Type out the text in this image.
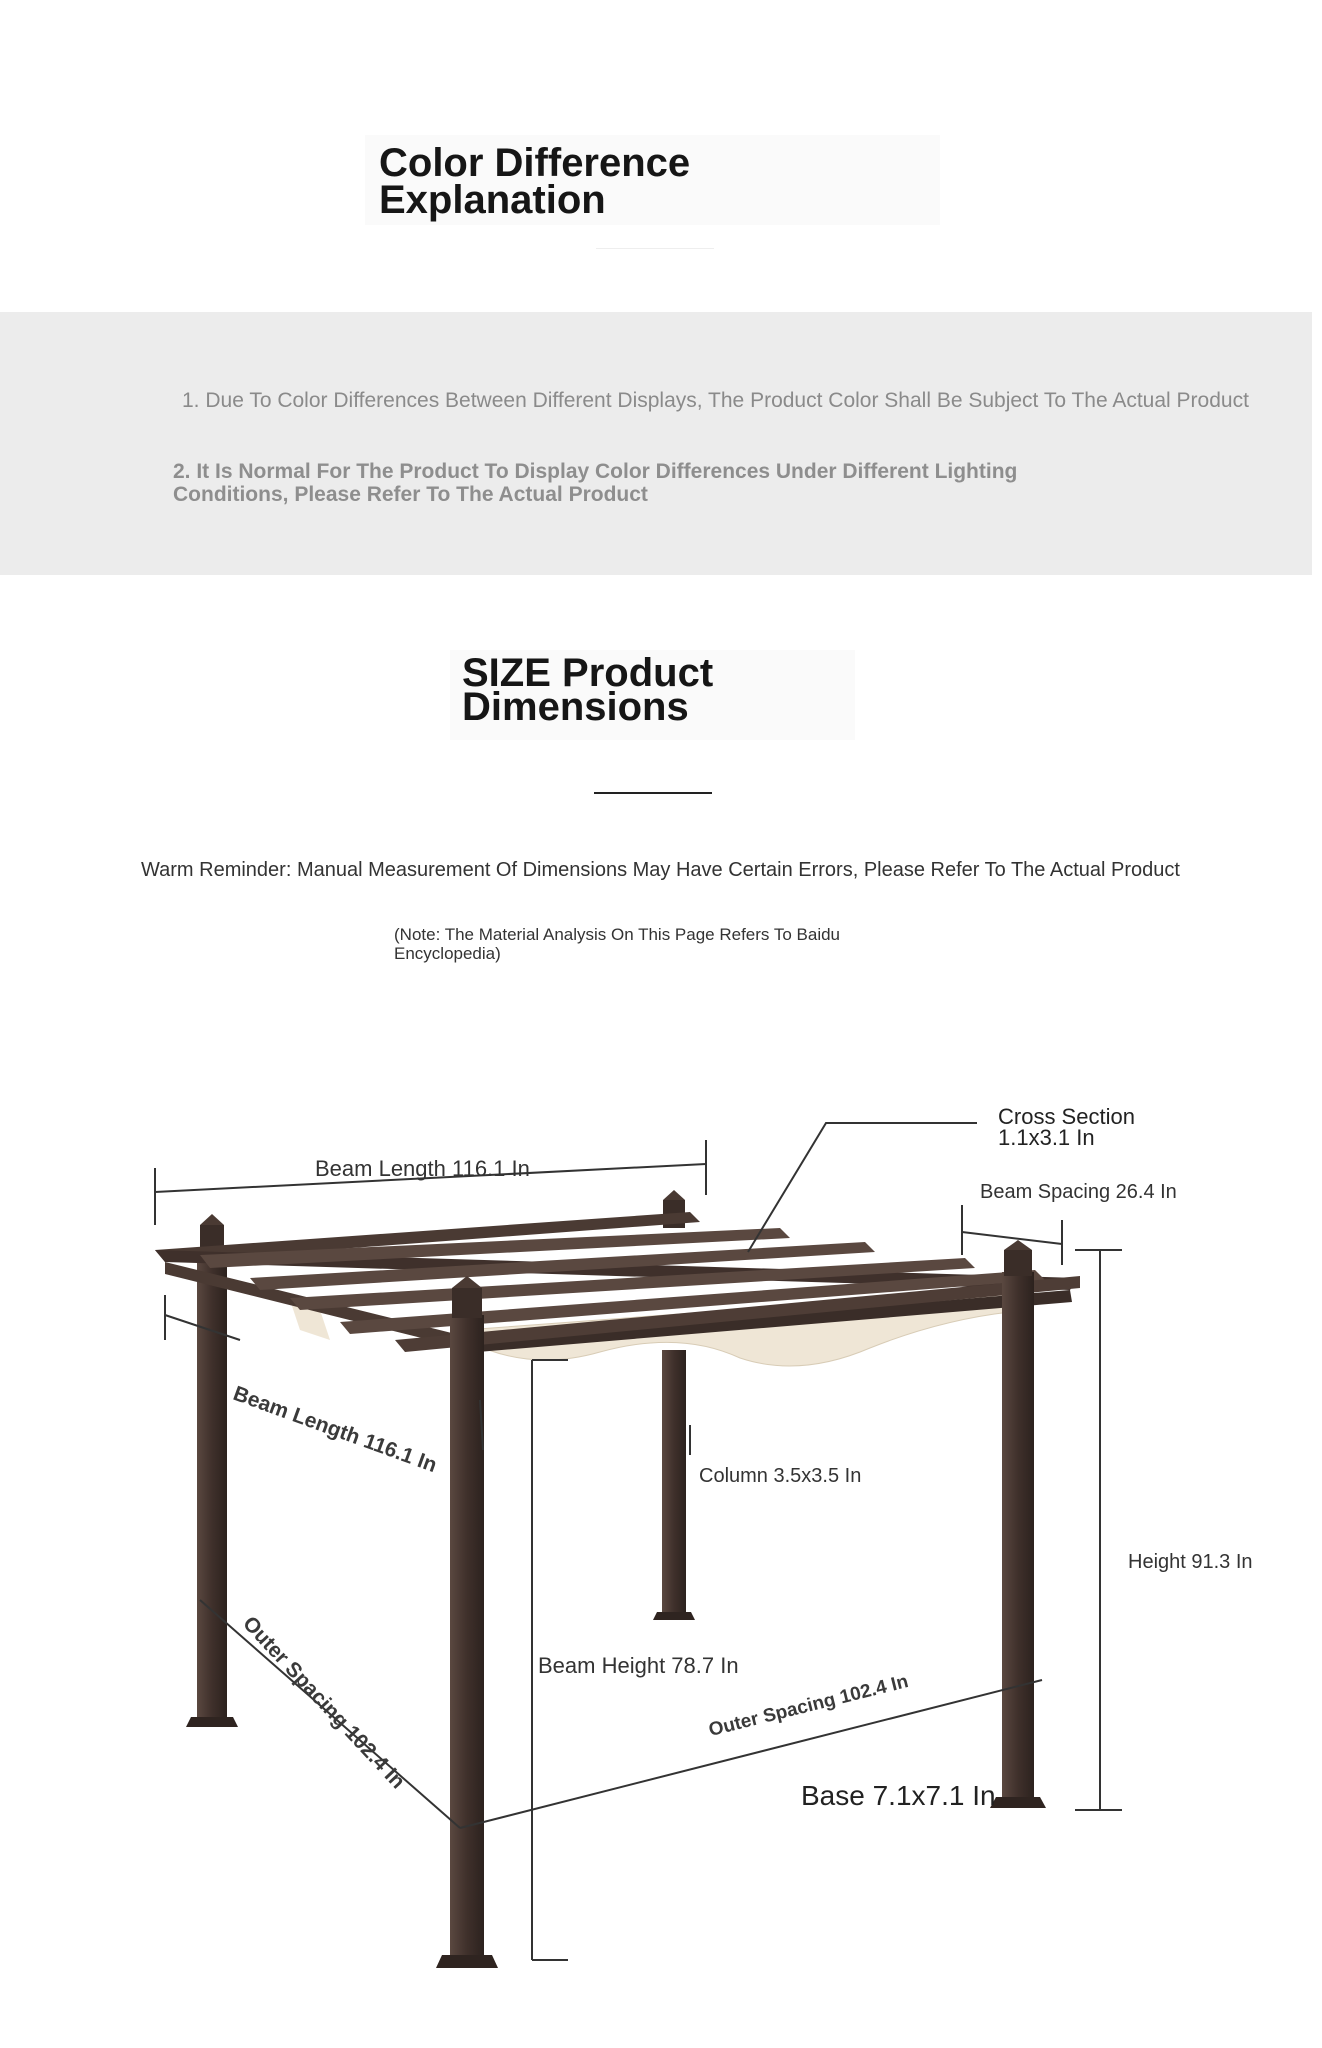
Color Difference
Explanation
1. Due To Color Differences Between Different Displays, The Product Color Shall Be Subject To The Actual Product
2. It Is Normal For The Product To Display Color Differences Under Different Lighting Conditions, Please Refer To The Actual Product
SIZE Product
Dimensions
Warm Reminder: Manual Measurement Of Dimensions May Have Certain Errors, Please Refer To The Actual Product
(Note: The Material Analysis On This Page Refers To Baidu Encyclopedia)
Cross Section
1.1x3.1 In
Beam Length 116.1 In
Beam Spacing 26.4 In
Beam Length 116.1 In	Column 3.5x3.5 In
Height 91.3 In
Outer Spacing 102.4 In	Beam Height 78.7 In
Outer Spacing 102.4 In
Base 7.1x7.1 In
